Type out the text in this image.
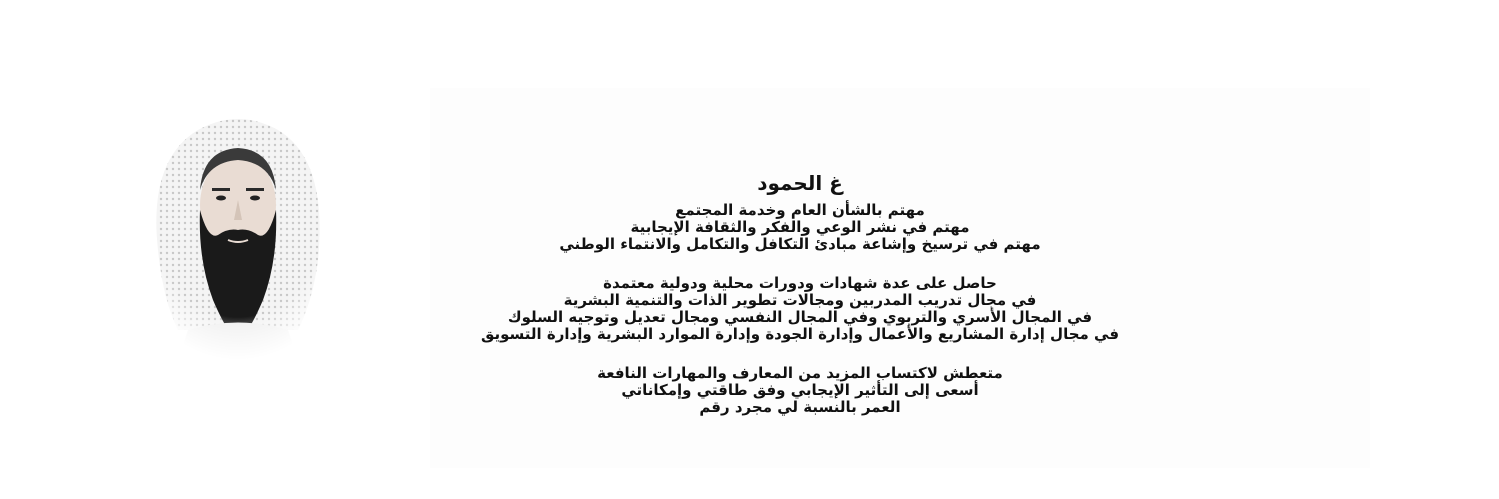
غ الحمود
مهتم بالشأن العام وخدمة المجتمع
مهتم في نشر الوعي والفكر والثقافة الإيجابية
مهتم في ترسيخ وإشاعة مبادئ التكافل والتكامل والانتماء الوطني
حاصل على عدة شهادات ودورات محلية ودولية معتمدة
في مجال تدريب المدربين ومجالات تطوير الذات والتنمية البشرية
في المجال الأسري والتربوي وفي المجال النفسي ومجال تعديل وتوجيه السلوك
في مجال إدارة المشاريع والأعمال وإدارة الجودة وإدارة الموارد البشرية وإدارة التسويق
متعطش لاكتساب المزيد من المعارف والمهارات النافعة
أسعى إلى التأثير الإيجابي وفق طاقتي وإمكاناتي
العمر بالنسبة لي مجرد رقم
